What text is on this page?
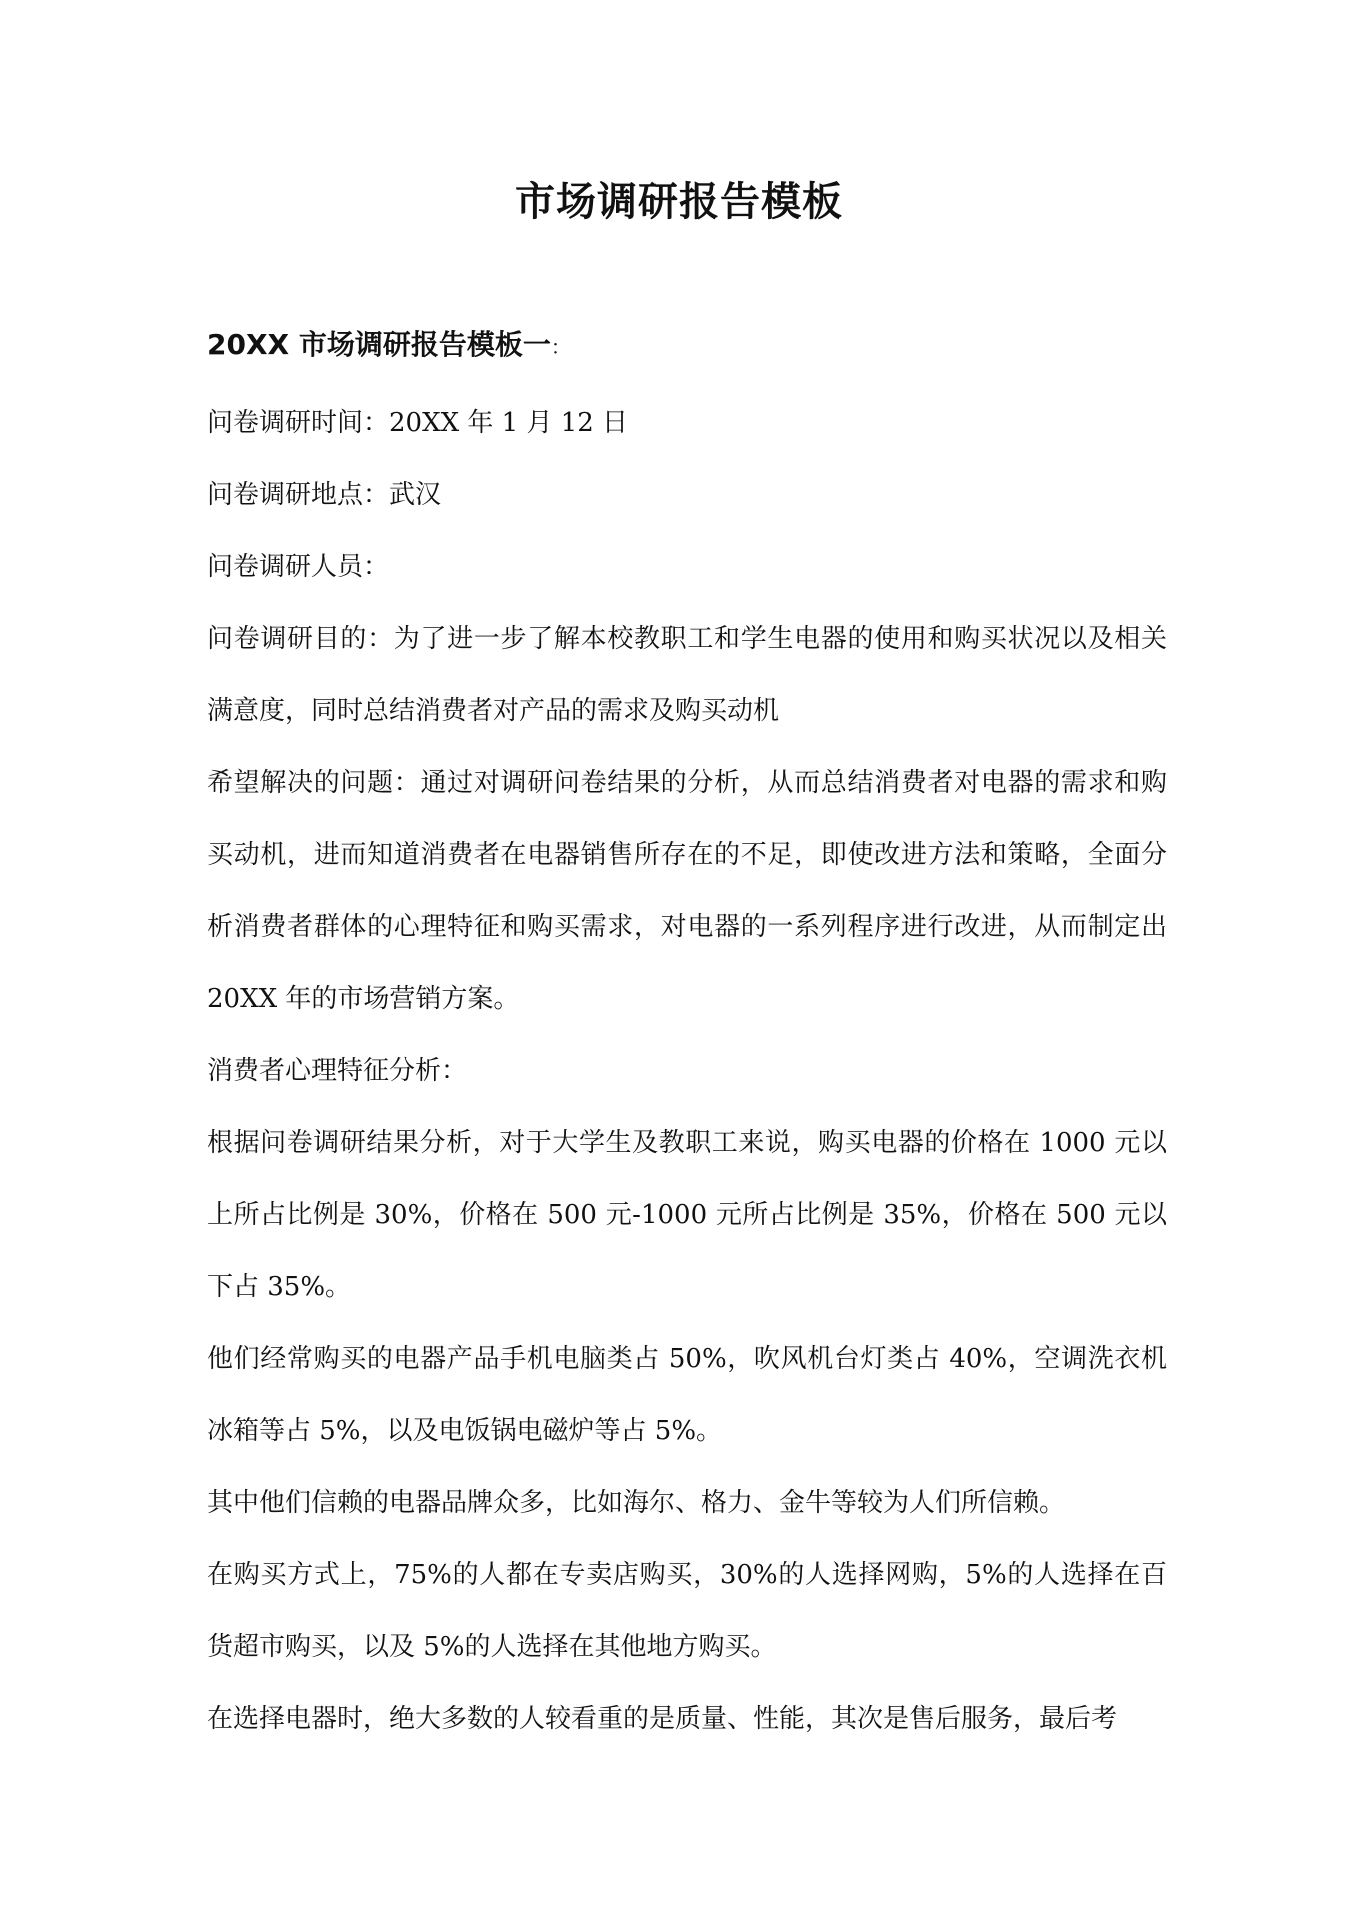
市场调研报告模板
20XX 市场调研报告模板一：

问卷调研时间：20XX 年 1 月 12 日

问卷调研地点：武汉

问卷调研人员：

问卷调研目的：为了进一步了解本校教职工和学生电器的使用和购买状况以及相关满意度，同时总结消费者对产品的需求及购买动机

希望解决的问题：通过对调研问卷结果的分析，从而总结消费者对电器的需求和购买动机，进而知道消费者在电器销售所存在的不足，即使改进方法和策略，全面分析消费者群体的心理特征和购买需求，对电器的一系列程序进行改进，从而制定出 20XX 年的市场营销方案。

消费者心理特征分析：

根据问卷调研结果分析，对于大学生及教职工来说，购买电器的价格在 1000 元以上所占比例是 30%，价格在 500 元-1000 元所占比例是 35%，价格在 500 元以下占 35%。

他们经常购买的电器产品手机电脑类占 50%，吹风机台灯类占 40%，空调洗衣机冰箱等占 5%，以及电饭锅电磁炉等占 5%。

其中他们信赖的电器品牌众多，比如海尔、格力、金牛等较为人们所信赖。

在购买方式上，75%的人都在专卖店购买，30%的人选择网购，5%的人选择在百货超市购买，以及 5%的人选择在其他地方购买。

在选择电器时，绝大多数的人较看重的是质量、性能，其次是售后服务，最后考
